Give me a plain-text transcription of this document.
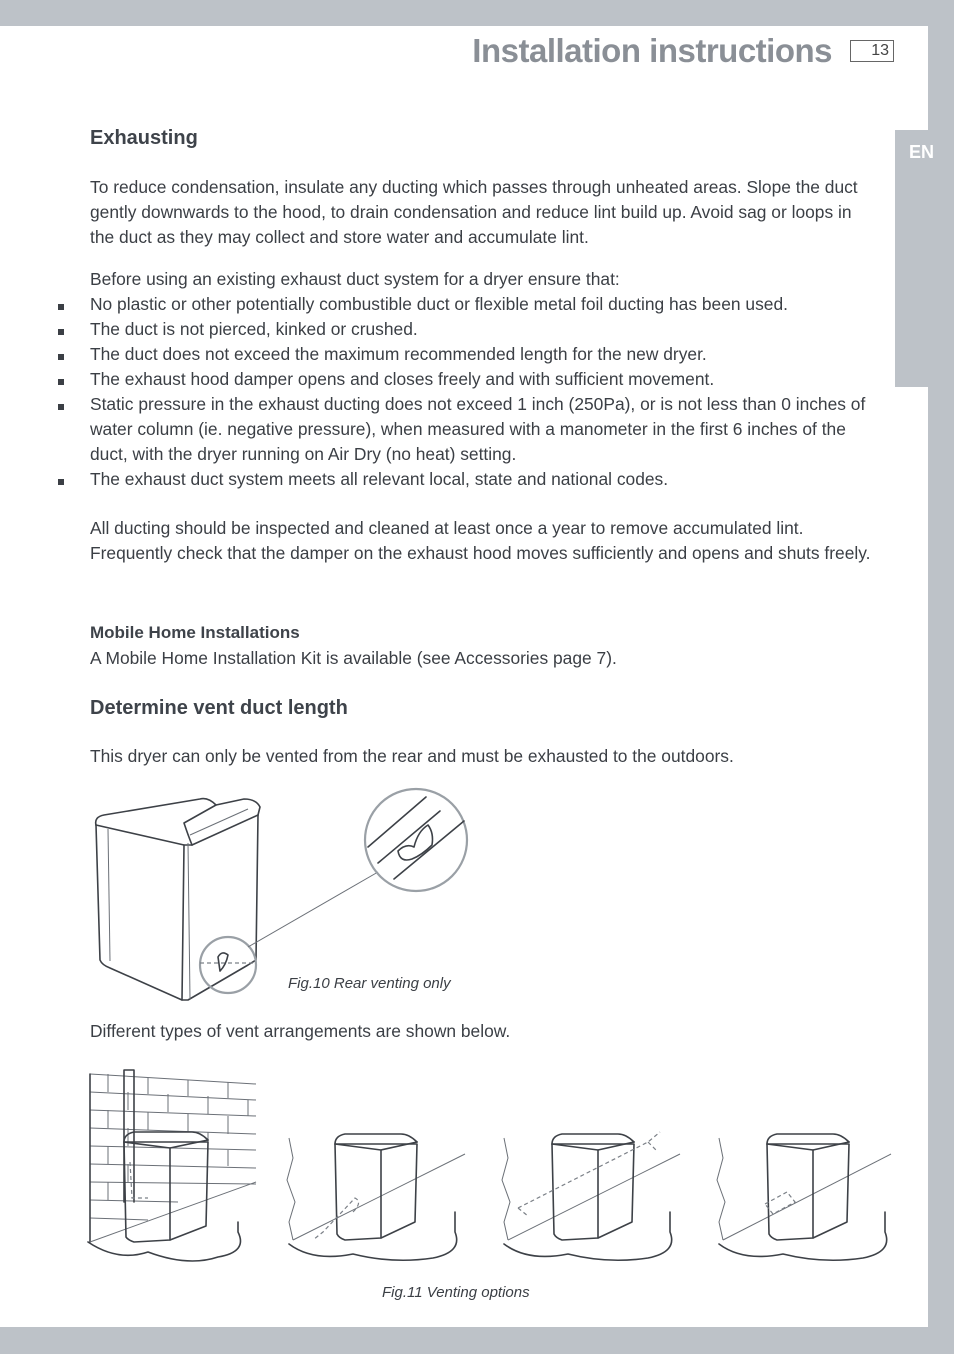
Installation instructions	13
EN
Exhausting
To reduce condensation, insulate any ducting which passes through unheated areas. Slope the duct gently downwards to the hood, to drain condensation and reduce lint build up. Avoid sag or loops in the duct as they may collect and store water and accumulate lint.
Before using an existing exhaust duct system for a dryer ensure that:
No plastic or other potentially combustible duct or flexible metal foil ducting has been used.
The duct is not pierced, kinked or crushed.
The duct does not exceed the maximum recommended length for the new dryer.
The exhaust hood damper opens and closes freely and with sufficient movement.
Static pressure in the exhaust ducting does not exceed 1 inch (250Pa), or is not less than 0 inches of water column (ie. negative pressure), when measured with a manometer in the first 6 inches of the duct, with the dryer running on Air Dry (no heat) setting.
The exhaust duct system meets all relevant local, state and national codes.
All ducting should be inspected and cleaned at least once a year to remove accumulated lint. Frequently check that the damper on the exhaust hood moves sufficiently and opens and shuts freely.
Mobile Home Installations
A Mobile Home Installation Kit is available (see Accessories page 7).
Determine vent duct length
This dryer can only be vented from the rear and must be exhausted to the outdoors.
Fig.10 Rear venting only
Different types of vent arrangements are shown below.
Fig.11 Venting options
